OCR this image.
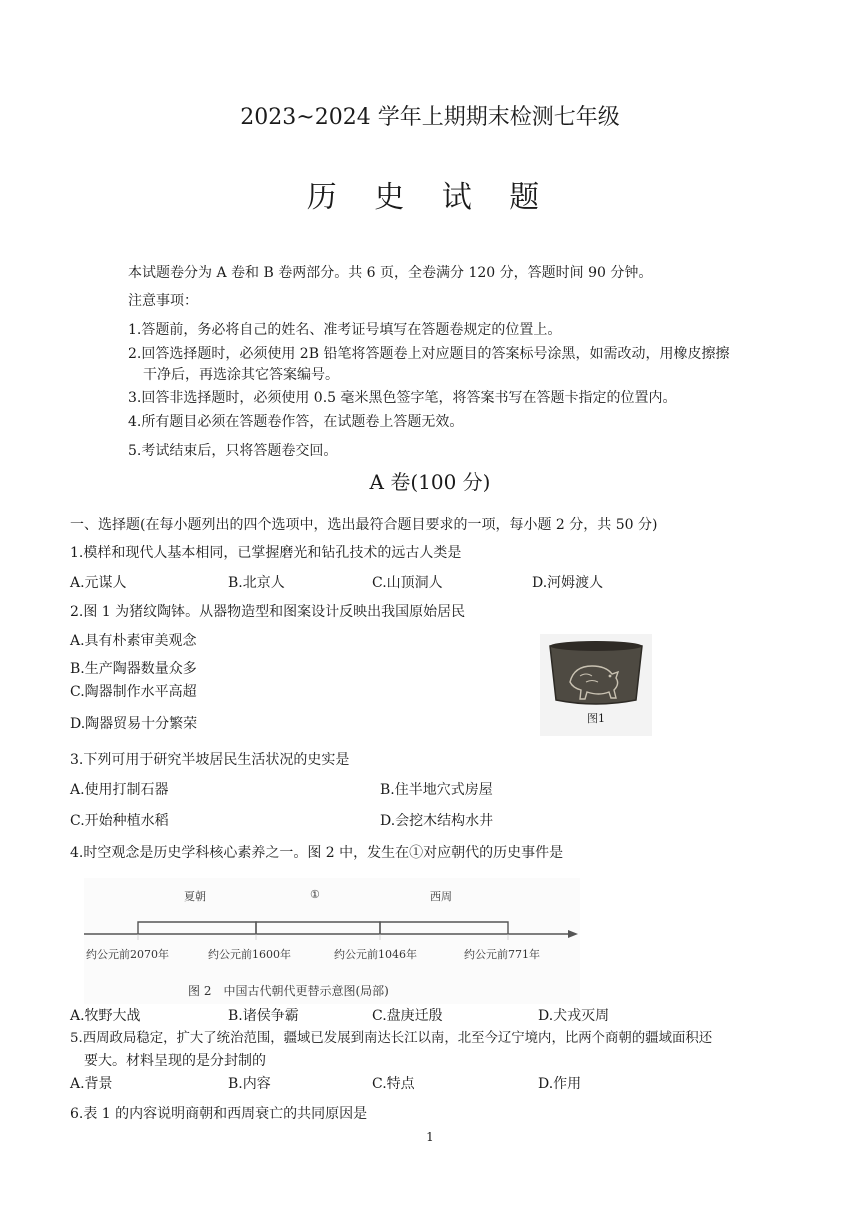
2023~2024 学年上期期末检测七年级
历 史 试 题
本试题卷分为 A 卷和 B 卷两部分。共 6 页，全卷满分 120 分，答题时间 90 分钟。
注意事项：
1.答题前，务必将自己的姓名、准考证号填写在答题卷规定的位置上。
2.回答选择题时，必须使用 2B 铅笔将答题卷上对应题目的答案标号涂黑，如需改动，用橡皮擦擦
干净后，再选涂其它答案编号。
3.回答非选择题时，必须使用 0.5 毫米黑色签字笔，将答案书写在答题卡指定的位置内。
4.所有题目必须在答题卷作答，在试题卷上答题无效。
5.考试结束后，只将答题卷交回。
A 卷(100 分)
一、选择题(在每小题列出的四个选项中，选出最符合题目要求的一项，每小题 2 分，共 50 分)
1.模样和现代人基本相同，已掌握磨光和钻孔技术的远古人类是
A.元谋人	B.北京人	C.山顶洞人	D.河姆渡人
2.图 1 为猪纹陶钵。从器物造型和图案设计反映出我国原始居民
A.具有朴素审美观念
B.生产陶器数量众多
C.陶器制作水平高超
D.陶器贸易十分繁荣	图1
3.下列可用于研究半坡居民生活状况的史实是
A.使用打制石器	B.住半地穴式房屋
C.开始种植水稻	D.会挖木结构水井
4.时空观念是历史学科核心素养之一。图 2 中，发生在①对应朝代的历史事件是
夏朝	①	西周
约公元前2070年	约公元前1600年	约公元前1046年	约公元前771年
图 2　中国古代朝代更替示意图(局部)
A.牧野大战	B.诸侯争霸	C.盘庚迁殷	D.犬戎灭周
5.西周政局稳定，扩大了统治范围，疆域已发展到南达长江以南，北至今辽宁境内，比两个商朝的疆域面积还
要大。材料呈现的是分封制的
A.背景	B.内容	C.特点	D.作用
6.表 1 的内容说明商朝和西周衰亡的共同原因是
1
